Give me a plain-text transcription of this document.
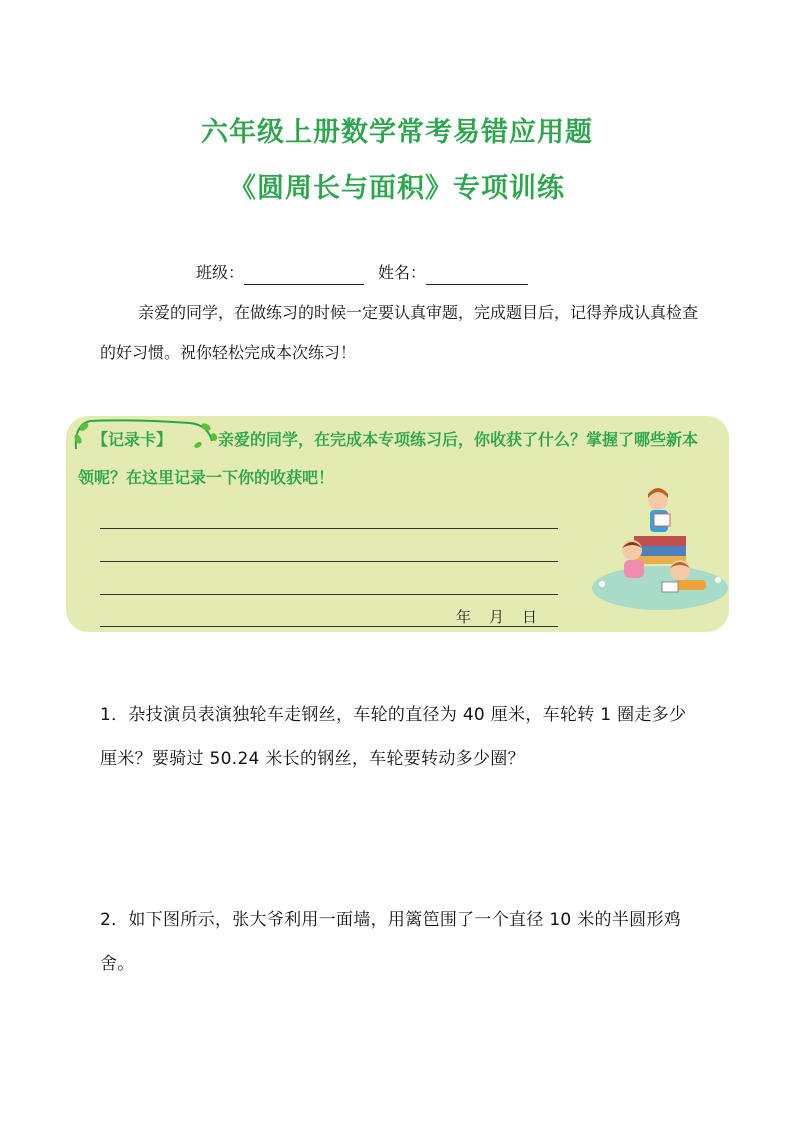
六年级上册数学常考易错应用题
《圆周长与面积》专项训练
班级：	姓名：

亲爱的同学，在做练习的时候一定要认真审题，完成题目后，记得养成认真检查的好习惯。祝你轻松完成本次练习！

【记录卡】	亲爱的同学，在完成本专项练习后，你收获了什么？掌握了哪些新本领呢？在这里记录一下你的收获吧！

年 月 日

1．杂技演员表演独轮车走钢丝，车轮的直径为 40 厘米，车轮转 1 圈走多少厘米？要骑过 50.24 米长的钢丝，车轮要转动多少圈？

2．如下图所示，张大爷利用一面墙，用篱笆围了一个直径 10 米的半圆形鸡舍。
